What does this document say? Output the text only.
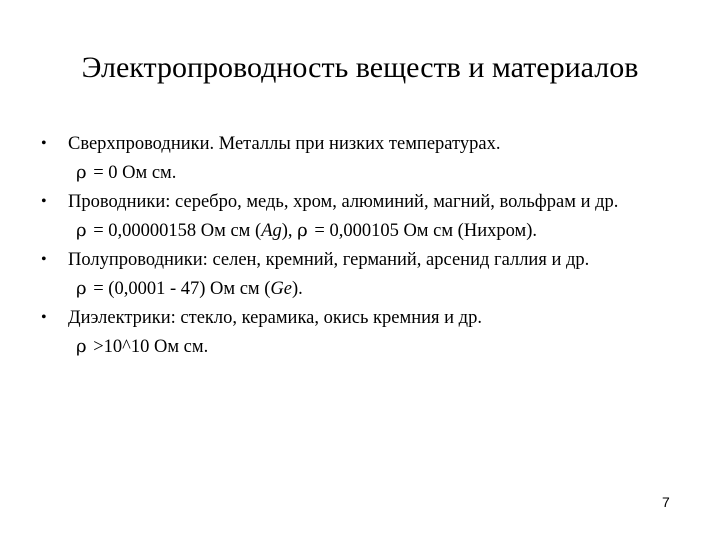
Электропроводность веществ и материалов
• Сверхпроводники. Металлы при низких температурах.
ρ = 0 Ом см.
• Проводники: серебро, медь, хром, алюминий, магний, вольфрам и др.
ρ = 0,00000158 Ом см (Ag), ρ = 0,000105 Ом см (Нихром).
• Полупроводники: селен, кремний, германий, арсенид галлия и др.
ρ = (0,0001 - 47) Ом см (Ge).
• Диэлектрики: стекло, керамика, окись кремния и др.
ρ >10^10 Ом см.
7
